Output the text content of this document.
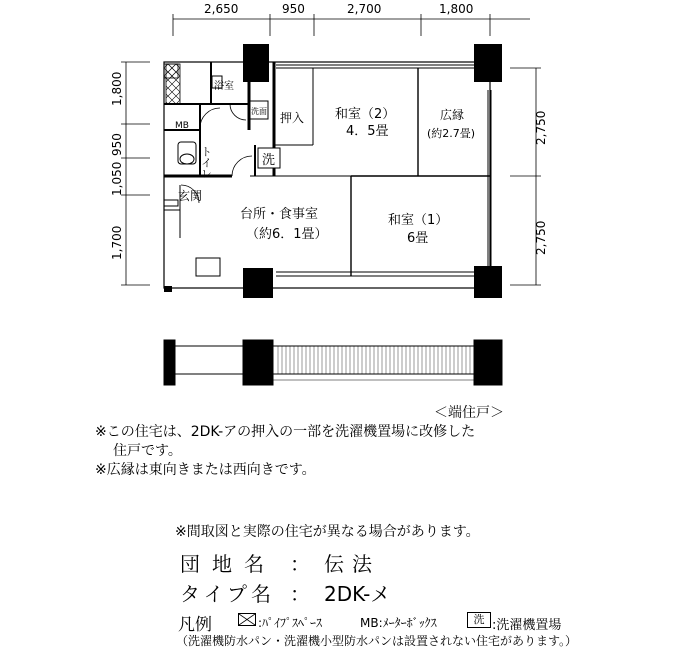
2,650	950	2,700	1,800
1,800
950
1,050
1,700
2,750
2,750
浴室
洗面
MB
トイレ	洗
押入 和室（2）
4．5畳
広縁
(約2.7畳)
玄関
台所・食事室
（約6．1畳）
和室（1）
6畳
＜端住戸＞
※この住宅は、2DK-アの押入の一部を洗濯機置場に改修した
住戸です。
※広縁は東向きまたは西向きです。
※間取図と実際の住宅が異なる場合があります。
団地名 ： 伝法
タイプ名 ： 2DK-メ
凡例	:ﾊﾟｲﾌﾟｽﾍﾟｰｽ	MB:ﾒｰﾀｰﾎﾞｯｸｽ	洗 :洗濯機置場
（洗濯機防水パン・洗濯機小型防水パンは設置されない住宅があります。）
